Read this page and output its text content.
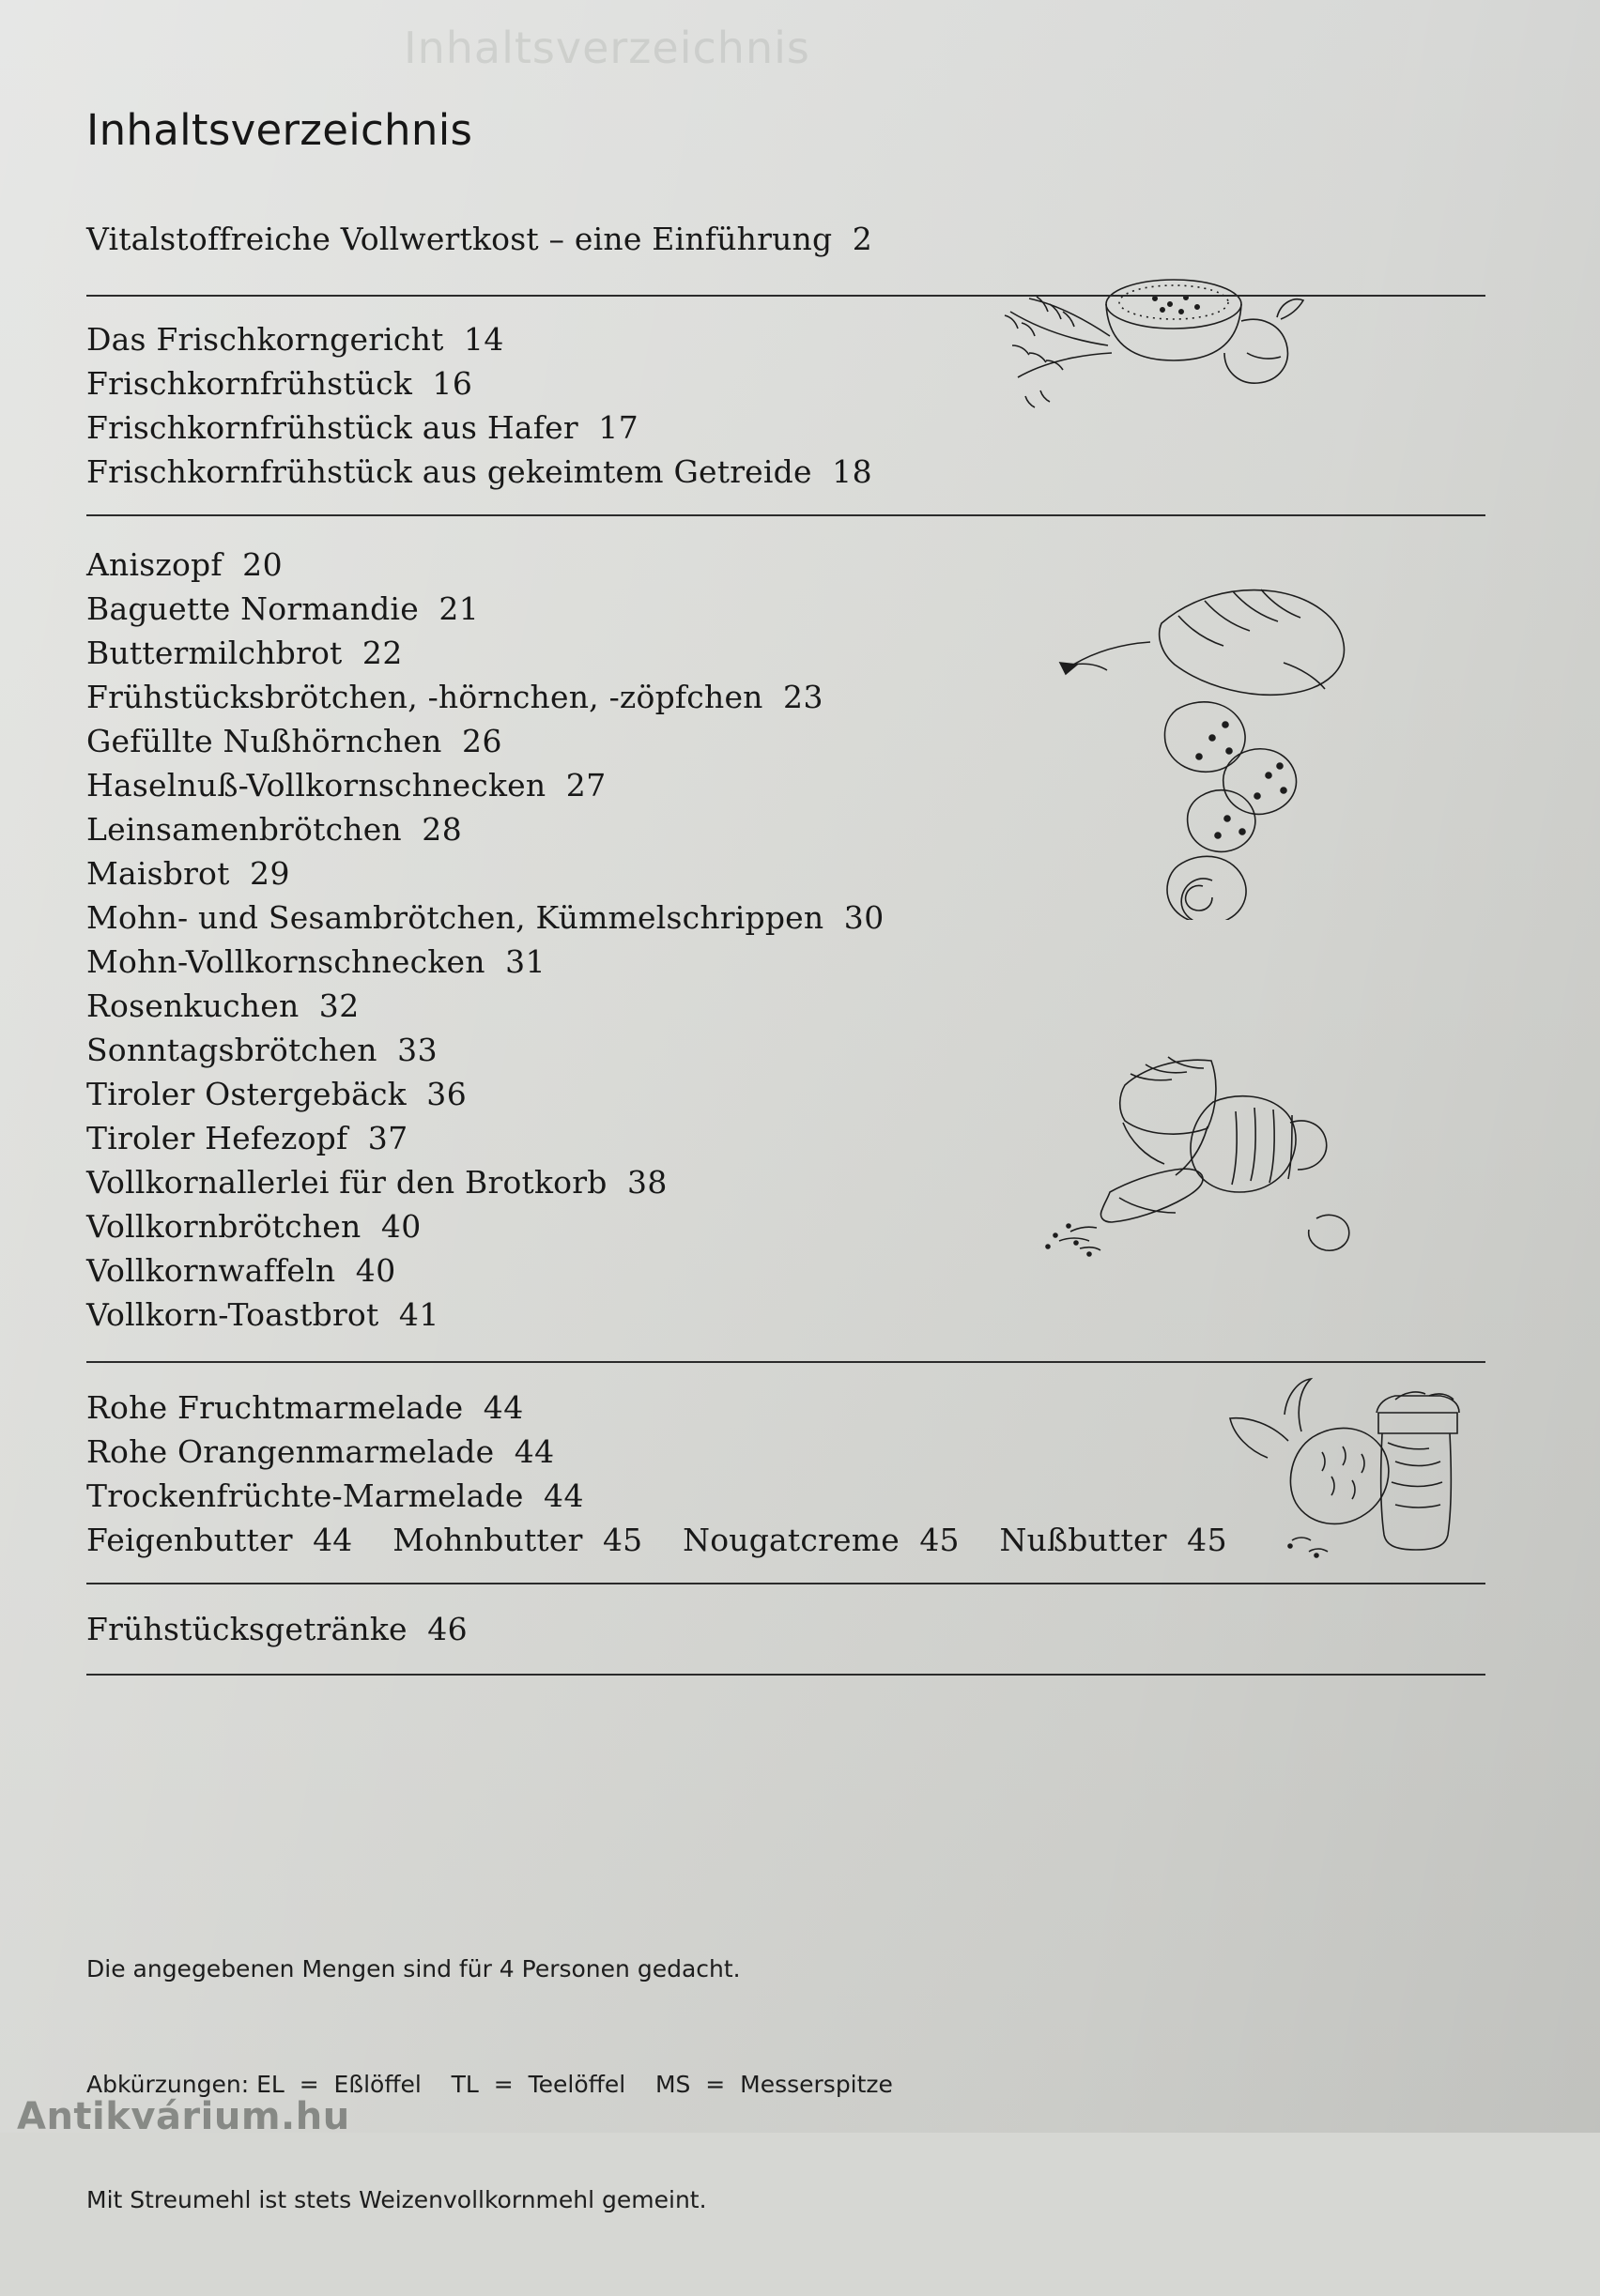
Inhaltsverzeichnis
Inhaltsverzeichnis
Vitalstoffreiche Vollwertkost – eine Einführung 2
Das Frischkorngericht 14
Frischkornfrühstück 16
Frischkornfrühstück aus Hafer 17
Frischkornfrühstück aus gekeimtem Getreide 18
Aniszopf 20
Baguette Normandie 21
Buttermilchbrot 22
Frühstücksbrötchen, -hörnchen, -zöpfchen 23
Gefüllte Nußhörnchen 26
Haselnuß-Vollkornschnecken 27
Leinsamenbrötchen 28
Maisbrot 29
Mohn- und Sesambrötchen, Kümmelschrippen 30
Mohn-Vollkornschnecken 31
Rosenkuchen 32
Sonntagsbrötchen 33
Tiroler Ostergebäck 36
Tiroler Hefezopf 37
Vollkornallerlei für den Brotkorb 38
Vollkornbrötchen 40
Vollkornwaffeln 40
Vollkorn-Toastbrot 41
Rohe Fruchtmarmelade 44
Rohe Orangenmarmelade 44
Trockenfrüchte-Marmelade 44
Feigenbutter  44    Mohnbutter  45    Nougatcreme  45    Nußbutter 45
Frühstücksgetränke 46

Die angegebenen Mengen sind für 4 Personen gedacht.

Abkürzungen: EL  =  Eßlöffel    TL  =  Teelöffel    MS  =  Messerspitze

Mit Streumehl ist stets Weizenvollkornmehl gemeint.

Antikvárium.hu
